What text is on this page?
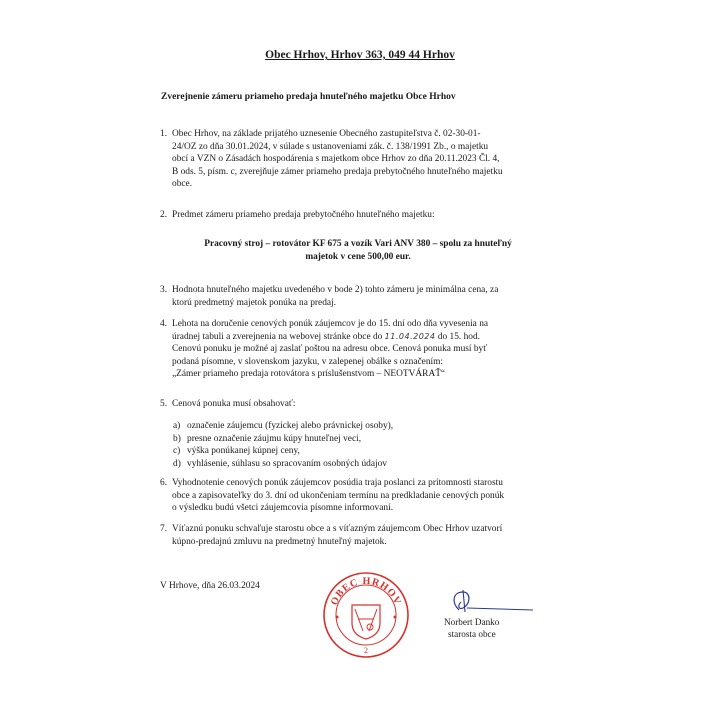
Obec Hrhov, Hrhov 363, 049 44 Hrhov
Zverejnenie zámeru priameho predaja hnuteľného majetku Obce Hrhov
1. Obec Hrhov, na základe prijatého uznesenie Obecného zastupiteľstva č. 02-30-01-
24/OZ zo dňa 30.01.2024, v súlade s ustanoveniami zák. č. 138/1991 Zb., o majetku
obcí a VZN o Zásadách hospodárenia s majetkom obce Hrhov zo dňa 20.11.2023 Čl. 4,
B ods. 5, písm. c, zverejňuje zámer priameho predaja prebytočného hnuteľného majetku
obce.
2. Predmet zámeru priameho predaja prebytočného hnuteľného majetku:
Pracovný stroj – rotovátor KF 675 a vozík Vari ANV 380 – spolu za hnuteľný
majetok v cene 500,00 eur.
3. Hodnota hnuteľného majetku uvedeného v bode 2) tohto zámeru je minimálna cena, za
ktorú predmetný majetok ponúka na predaj.
4. Lehota na doručenie cenových ponúk záujemcov je do 15. dní odo dňa vyvesenia na
úradnej tabuli a zverejnenia na webovej stránke obce do 11.04.2024 do 15. hod.
Cenovú ponuku je možné aj zaslať poštou na adresu obce. Cenová ponuka musí byť
podaná písomne, v slovenskom jazyku, v zalepenej obálke s označením:
„Zámer priameho predaja rotovátora s príslušenstvom – NEOTVÁRAŤ“
5. Cenová ponuka musí obsahovať:
a) označenie záujemcu (fyzickej alebo právnickej osoby),
b) presne označenie záujmu kúpy hnuteľnej veci,
c) výška ponúkanej kúpnej ceny,
d) vyhlásenie, súhlasu so spracovaním osobných údajov
6. Vyhodnotenie cenových ponúk záujemcov posúdia traja poslanci za prítomnosti starostu
obce a zapisovateľky do 3. dní od ukončeniam termínu na predkladanie cenových ponúk
o výsledku budú všetci záujemcovia písomne informovaní.
7. Víťaznú ponuku schvaľuje starostu obce a s víťazným záujemcom Obec Hrhov uzatvorí
kúpno-predajnú zmluvu na predmetný hnuteľný majetok.
V Hrhove, dňa 26.03.2024
OBEC HRHOV
2
Norbert Danko
starosta obce
